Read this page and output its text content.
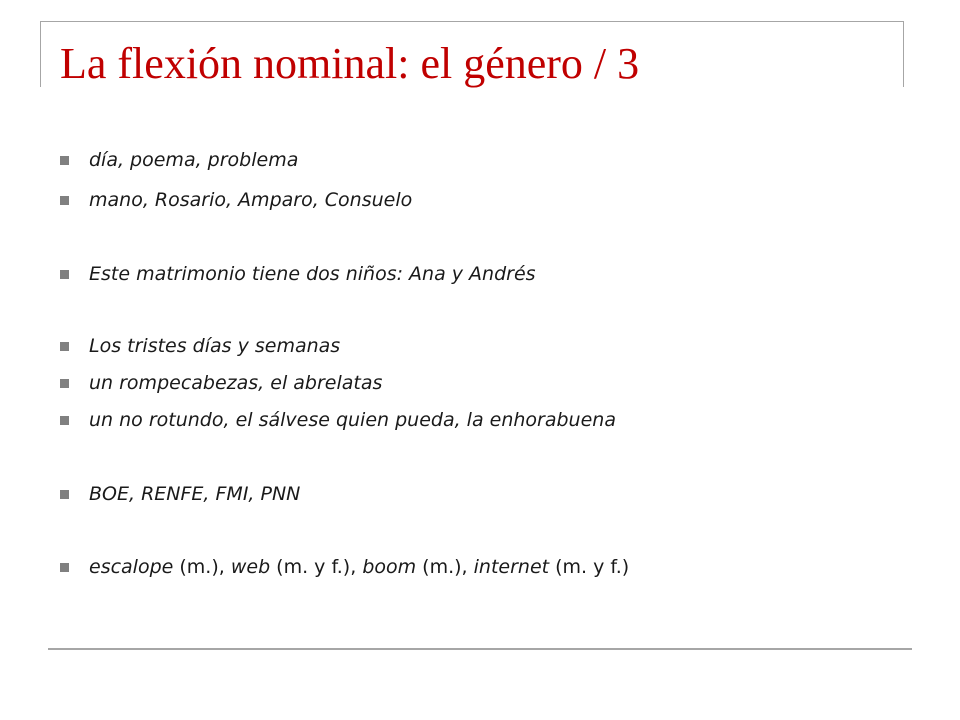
La flexión nominal: el género / 3
día, poema, problema
mano, Rosario, Amparo, Consuelo
Este matrimonio tiene dos niños: Ana y Andrés
Los tristes días y semanas
un rompecabezas, el abrelatas
un no rotundo, el sálvese quien pueda, la enhorabuena
BOE, RENFE, FMI, PNN
escalope (m.), web (m. y f.), boom (m.), internet (m. y f.)
